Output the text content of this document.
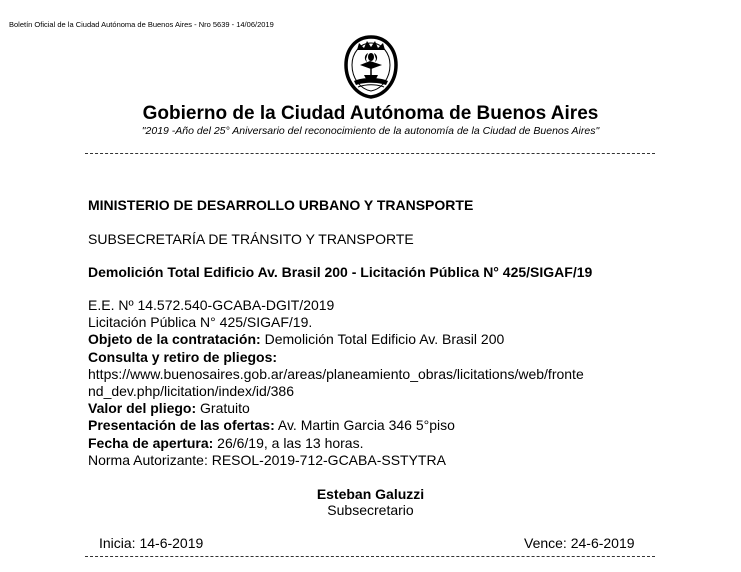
Boletín Oficial de la Ciudad Autónoma de Buenos Aires - Nro 5639 - 14/06/2019
Gobierno de la Ciudad Autónoma de Buenos Aires
"2019 -Año del 25° Aniversario del reconocimiento de la autonomía de la Ciudad de Buenos Aires"
MINISTERIO DE DESARROLLO URBANO Y TRANSPORTE
SUBSECRETARÍA DE TRÁNSITO Y TRANSPORTE
Demolición Total Edificio Av. Brasil 200 - Licitación Pública N° 425/SIGAF/19
E.E. Nº 14.572.540-GCABA-DGIT/2019
Licitación Pública N° 425/SIGAF/19.
Objeto de la contratación: Demolición Total Edificio Av. Brasil 200
Consulta y retiro de pliegos:
https://www.buenosaires.gob.ar/areas/planeamiento_obras/licitations/web/fronte
nd_dev.php/licitation/index/id/386
Valor del pliego: Gratuito
Presentación de las ofertas: Av. Martin Garcia 346 5°piso
Fecha de apertura: 26/6/19, a las 13 horas.
Norma Autorizante: RESOL-2019-712-GCABA-SSTYTRA
Esteban Galuzzi
Subsecretario
Inicia: 14-6-2019	Vence: 24-6-2019
